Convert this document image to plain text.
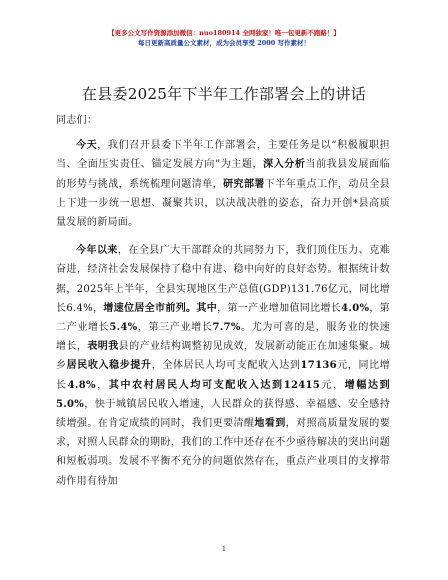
【更多公文写作资源添加微信：nuo180914 全网独家！唯一包更新不跑路！】
每日更新高质量公文素材，成为会员享受 2000 写作素材！
在县委2025年下半年工作部署会上的讲话

同志们：

今天，我们召开县委下半年工作部署会，主要任务是以“积极履职担当、全面压实责任、锚定发展方向”为主题，深入分析当前我县发展面临的形势与挑战，系统梳理问题清单，研究部署下半年重点工作，动员全县上下进一步统一思想、凝聚共识，以决战决胜的姿态，奋力开创*县高质量发展的新局面。

今年以来，在全县广大干部群众的共同努力下，我们顶住压力、克难奋进，经济社会发展保持了稳中有进、稳中向好的良好态势。根据统计数据，2025年上半年，全县实现地区生产总值(GDP)131.76亿元，同比增长6.4%，增速位居全市前列。其中，第一产业增加值同比增长4.0%，第二产业增长5.4%，第三产业增长7.7%。尤为可喜的是，服务业的快速增长，表明我县的产业结构调整初见成效，发展新动能正在加速集聚。城乡居民收入稳步提升，全体居民人均可支配收入达到17136元，同比增长4.8%，其中农村居民人均可支配收入达到12415元，增幅达到5.0%，快于城镇居民收入增速，人民群众的获得感、幸福感、安全感持续增强。在肯定成绩的同时，我们更要清醒地看到，对照高质量发展的要求，对照人民群众的期盼，我们的工作中还存在不少亟待解决的突出问题和短板弱项。发展不平衡不充分的问题依然存在，重点产业项目的支撑带动作用有待加

1
